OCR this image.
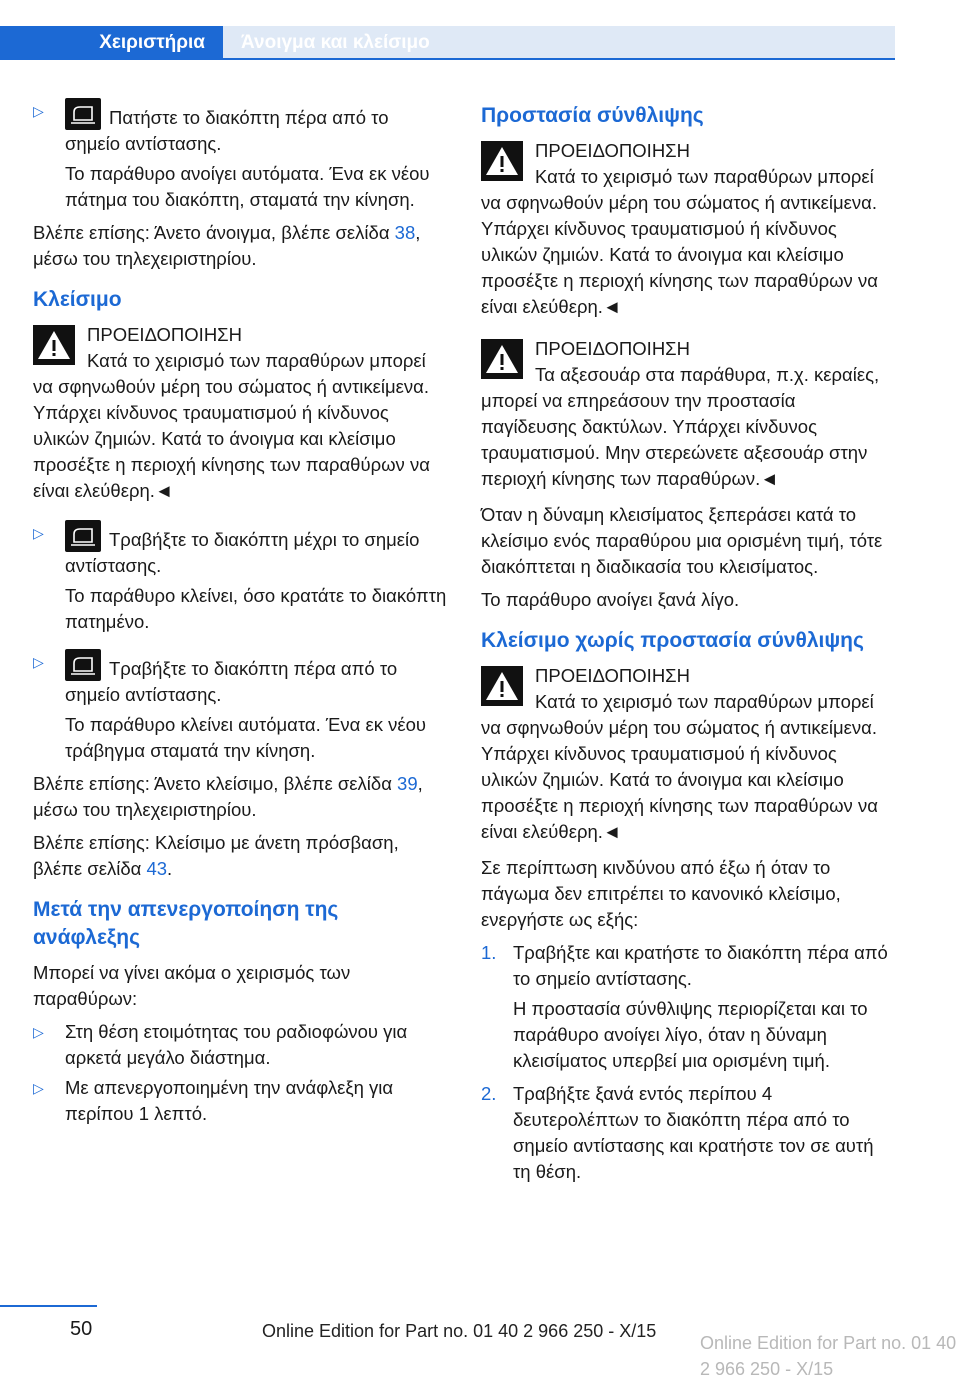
Χειριστήρια	Άνοιγμα και κλείσιμο
▷	Πατήστε το διακόπτη πέρα από το σημείο αντίστασης.

Το παράθυρο ανοίγει αυτόματα. Ένα εκ νέου πάτημα του διακόπτη, σταματά την κίνηση.

Βλέπε επίσης: Άνετο άνοιγμα, βλέπε σελίδα 38, μέσω του τηλεχειριστηρίου.

Κλείσιμο
ΠΡΟΕΙΔΟΠΟΙΗΣΗ
Κατά το χειρισμό των παραθύρων μπορεί να σφηνωθούν μέρη του σώματος ή αντικείμενα. Υπάρχει κίνδυνος τραυματισμού ή κίνδυνος υλικών ζημιών. Κατά το άνοιγμα και κλείσιμο προσέξτε η περιοχή κίνησης των παραθύρων να είναι ελεύθερη.◄
▷	Τραβήξτε το διακόπτη μέχρι το σημείο αντίστασης.

Το παράθυρο κλείνει, όσο κρατάτε το διακόπτη πατημένο.

▷	Τραβήξτε το διακόπτη πέρα από το σημείο αντίστασης.

Το παράθυρο κλείνει αυτόματα. Ένα εκ νέου τράβηγμα σταματά την κίνηση.

Βλέπε επίσης: Άνετο κλείσιμο, βλέπε σελίδα 39, μέσω του τηλεχειριστηρίου.

Βλέπε επίσης: Κλείσιμο με άνετη πρόσβαση, βλέπε σελίδα 43.

Μετά την απενεργοποίηση της ανάφλεξης

Μπορεί να γίνει ακόμα ο χειρισμός των παραθύρων:

▷ Στη θέση ετοιμότητας του ραδιοφώνου για αρκετά μεγάλο διάστημα.
▷ Με απενεργοποιημένη την ανάφλεξη για περίπου 1 λεπτό.
Προστασία σύνθλιψης
ΠΡΟΕΙΔΟΠΟΙΗΣΗ
Κατά το χειρισμό των παραθύρων μπορεί να σφηνωθούν μέρη του σώματος ή αντικείμενα. Υπάρχει κίνδυνος τραυματισμού ή κίνδυνος υλικών ζημιών. Κατά το άνοιγμα και κλείσιμο προσέξτε η περιοχή κίνησης των παραθύρων να είναι ελεύθερη.◄
ΠΡΟΕΙΔΟΠΟΙΗΣΗ
Τα αξεσουάρ στα παράθυρα, π.χ. κεραίες, μπορεί να επηρεάσουν την προστασία παγίδευσης δακτύλων. Υπάρχει κίνδυνος τραυματισμού. Μην στερεώνετε αξεσουάρ στην περιοχή κίνησης των παραθύρων.◄

Όταν η δύναμη κλεισίματος ξεπεράσει κατά το κλείσιμο ενός παραθύρου μια ορισμένη τιμή, τότε διακόπτεται η διαδικασία του κλεισίματος.

Το παράθυρο ανοίγει ξανά λίγο.

Κλείσιμο χωρίς προστασία σύνθλιψης
ΠΡΟΕΙΔΟΠΟΙΗΣΗ
Κατά το χειρισμό των παραθύρων μπορεί να σφηνωθούν μέρη του σώματος ή αντικείμενα. Υπάρχει κίνδυνος τραυματισμού ή κίνδυνος υλικών ζημιών. Κατά το άνοιγμα και κλείσιμο προσέξτε η περιοχή κίνησης των παραθύρων να είναι ελεύθερη.◄

Σε περίπτωση κινδύνου από έξω ή όταν το πάγωμα δεν επιτρέπει το κανονικό κλείσιμο, ενεργήστε ως εξής:

1. Τραβήξτε και κρατήστε το διακόπτη πέρα από το σημείο αντίστασης.

Η προστασία σύνθλιψης περιορίζεται και το παράθυρο ανοίγει λίγο, όταν η δύναμη κλεισίματος υπερβεί μια ορισμένη τιμή.

2. Τραβήξτε ξανά εντός περίπου 4 δευτερολέπτων το διακόπτη πέρα από το σημείο αντίστασης και κρατήστε τον σε αυτή τη θέση.
50	Online Edition for Part no. 01 40 2 966 250 - X/15
Online Edition for Part no. 01 40 2 966 250 - X/15
